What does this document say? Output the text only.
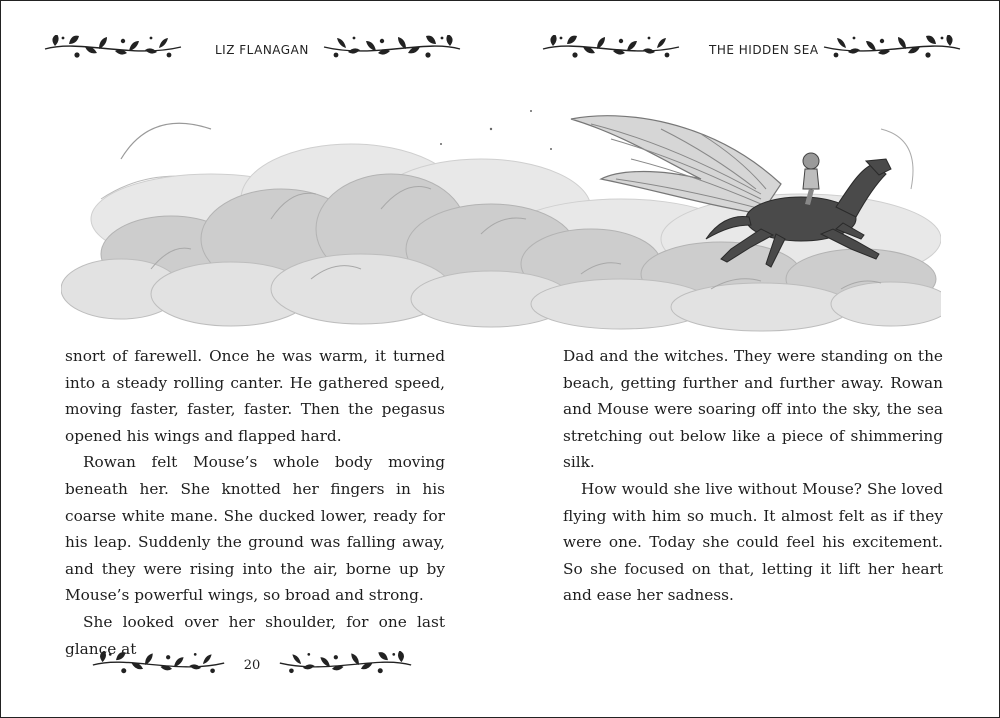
LIZ FLANAGAN	THE HIDDEN SEA

snort of farewell. Once he was warm, it turned into a steady rolling canter. He gathered speed, moving faster, faster, faster. Then the pegasus opened his wings and flapped hard.

Rowan felt Mouse’s whole body moving beneath her. She knotted her fingers in his coarse white mane. She ducked lower, ready for his leap. Suddenly the ground was falling away, and they were rising into the air, borne up by Mouse’s powerful wings, so broad and strong.

She looked over her shoulder, for one last glance at

Dad and the witches. They were standing on the beach, getting further and further away. Rowan and Mouse were soaring off into the sky, the sea stretching out below like a piece of shimmering silk.

How would she live without Mouse? She loved flying with him so much. It almost felt as if they were one. Today she could feel his excitement. So she focused on that, letting it lift her heart and ease her sadness.

20
